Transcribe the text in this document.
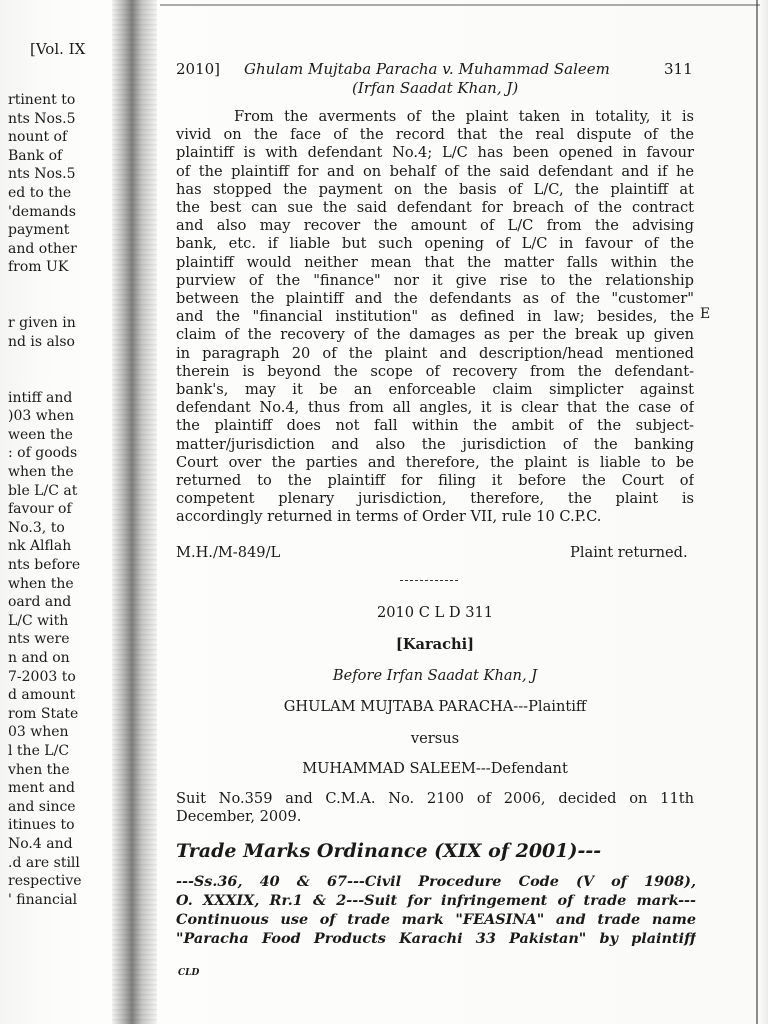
[Vol. IX
rtinent to
nts Nos.5
nount of
Bank of
nts Nos.5
ed to the
'demands
payment
and other
from UK
r given in
nd is also
intiff and
)03 when
ween the
: of goods
when the
ble L/C at
favour of
No.3, to
nk Alflah
nts before
when the
oard and
L/C with
nts were
n and on
7-2003 to
d amount
rom State
03 when
l the L/C
vhen the
ment and
and since
itinues to
No.4 and
.d are still
respective
' financial
2010] Ghulam Mujtaba Paracha v. Muhammad Saleem	311
(Irfan Saadat Khan, J)
From the averments of the plaint taken in totality, it is
vivid on the face of the record that the real dispute of the
plaintiff is with defendant No.4; L/C has been opened in favour
of the plaintiff for and on behalf of the said defendant and if he
has stopped the payment on the basis of L/C, the plaintiff at
the best can sue the said defendant for breach of the contract
and also may recover the amount of L/C from the advising
bank, etc. if liable but such opening of L/C in favour of the
plaintiff would neither mean that the matter falls within the
purview of the "finance" nor it give rise to the relationship
between the plaintiff and the defendants as of the "customer"
and the "financial institution" as defined in law; besides, the
claim of the recovery of the damages as per the break up given
in paragraph 20 of the plaint and description/head mentioned
therein is beyond the scope of recovery from the defendant-
bank's, may it be an enforceable claim simplicter against
defendant No.4, thus from all angles, it is clear that the case of
the plaintiff does not fall within the ambit of the subject-
matter/jurisdiction and also the jurisdiction of the banking
Court over the parties and therefore, the plaint is liable to be
returned to the plaintiff for filing it before the Court of
competent plenary jurisdiction, therefore, the plaint is
accordingly returned in terms of Order VII, rule 10 C.P.C.
E
M.H./M-849/L	Plaint returned.
2010 C L D 311
[Karachi]
Before Irfan Saadat Khan, J
GHULAM MUJTABA PARACHA---Plaintiff
versus
MUHAMMAD SALEEM---Defendant
Suit No.359 and C.M.A. No. 2100 of 2006, decided on 11th
December, 2009.
Trade Marks Ordinance (XIX of 2001)---
---Ss.36, 40 & 67---Civil Procedure Code (V of 1908),
O. XXXIX, Rr.1 & 2---Suit for infringement of trade mark---
Continuous use of trade mark "FEASINA" and trade name
"Paracha Food Products Karachi 33 Pakistan" by plaintiff
CLD
